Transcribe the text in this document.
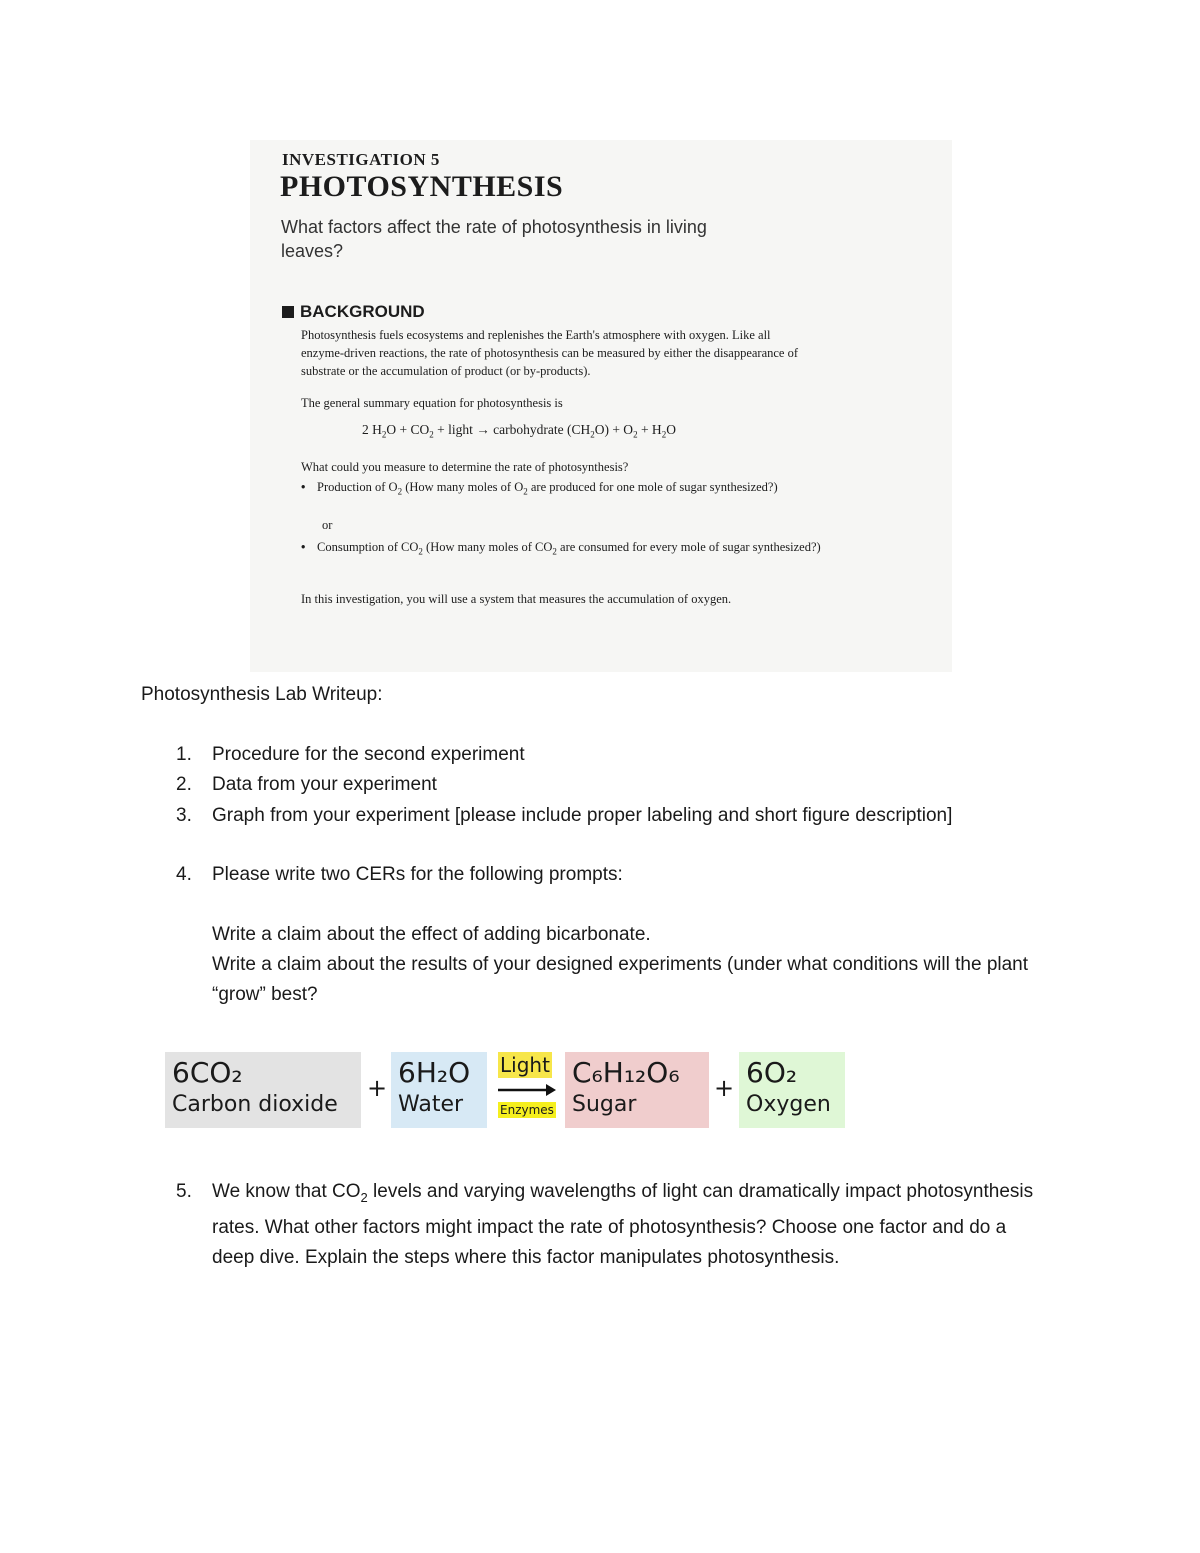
INVESTIGATION 5
PHOTOSYNTHESIS
What factors affect the rate of photosynthesis in living leaves?
BACKGROUND
Photosynthesis fuels ecosystems and replenishes the Earth's atmosphere with oxygen. Like all enzyme-driven reactions, the rate of photosynthesis can be measured by either the disappearance of substrate or the accumulation of product (or by-products).
The general summary equation for photosynthesis is
2 $H_2O + CO_2$ + light → carbohydrate $(CH_2O) + O_2 + H_2O$
What could you measure to determine the rate of photosynthesis?
• Production of $O_2$ (How many moles of $O_2$ are produced for one mole of sugar synthesized?)
or
• Consumption of $CO_2$ (How many moles of $CO_2$ are consumed for every mole of sugar synthesized?)
In this investigation, you will use a system that measures the accumulation of oxygen.
Photosynthesis Lab Writeup:
1.	Procedure for the second experiment
2.	Data from your experiment
3.	Graph from your experiment [please include proper labeling and short figure description]
4.	Please write two CERs for the following prompts:
Write a claim about the effect of adding bicarbonate.
Write a claim about the results of your designed experiments (under what conditions will the plant “grow” best?
5.	We know that $CO_2$ levels and varying wavelengths of light can dramatically impact photosynthesis rates. What other factors might impact the rate of photosynthesis? Choose one factor and do a deep dive. Explain the steps where this factor manipulates photosynthesis.
6CO₂
Carbon dioxide
+ 6H₂O
Water
Light
Enzymes
C₆H₁₂O₆
Sugar
+ 6O₂
Oxygen
